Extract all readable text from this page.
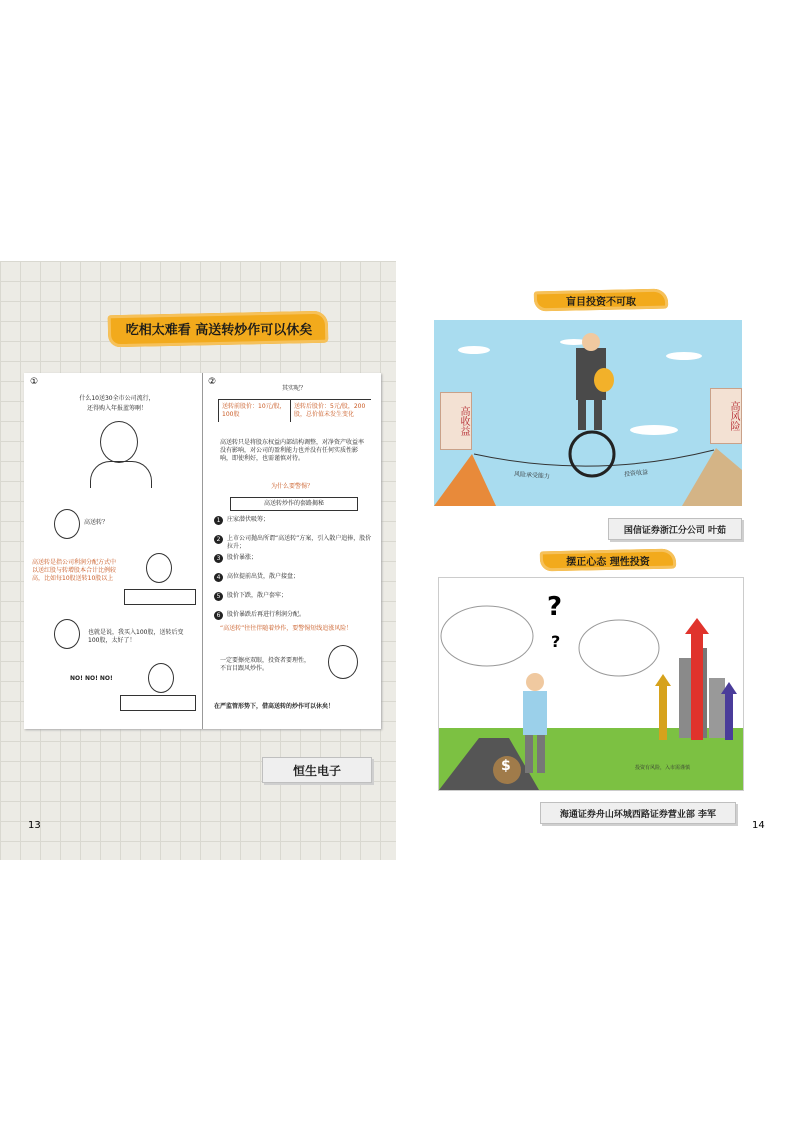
吃相太难看 高送转炒作可以休矣
①
什么10送30全市公司流行，
还得购入年报蓝筹啊！
高送转？
高送转是指公司利润分配方式中以送红股与转增股本合计比例较高，比如每10股送转10股以上
也就是说，我买入100股，送转后变100股，太好了！
NO! NO! NO!
②
其实呢？
送转前股价：10元/股，100股
送转后股价：5元/股，200股，总价值未发生变化
高送转只是将股东权益内部结构调整，对净资产收益率没有影响，对公司的盈利能力也并没有任何实质性影响，即使利好，也需谨慎对待。
为什么要警惕？
高送转炒作的套路揭秘
1	庄家潜伏吸筹；
2	上市公司抛出所谓“高送转”方案，引入散户追捧，股价拉升；
3	股价暴涨；
4	高位提前出货，散户接盘；
5	股价下跌，散户套牢；
6	股价暴跌后再进行利润分配。
“高送转”往往伴随着炒作，要警惕短线追涨风险！
一定要擦亮双眼，投资者要理性，不盲目跟风炒作。
在严监管形势下，借高送转的炒作可以休矣！
恒生电子
13
盲目投资不可取
高收益	高风险
风险承受能力	投资收益
国信证券浙江分公司 叶茹
摆正心态 理性投资
?
?
$	投资有风险，入市需谨慎
海通证券舟山环城西路证券营业部 李军
14
